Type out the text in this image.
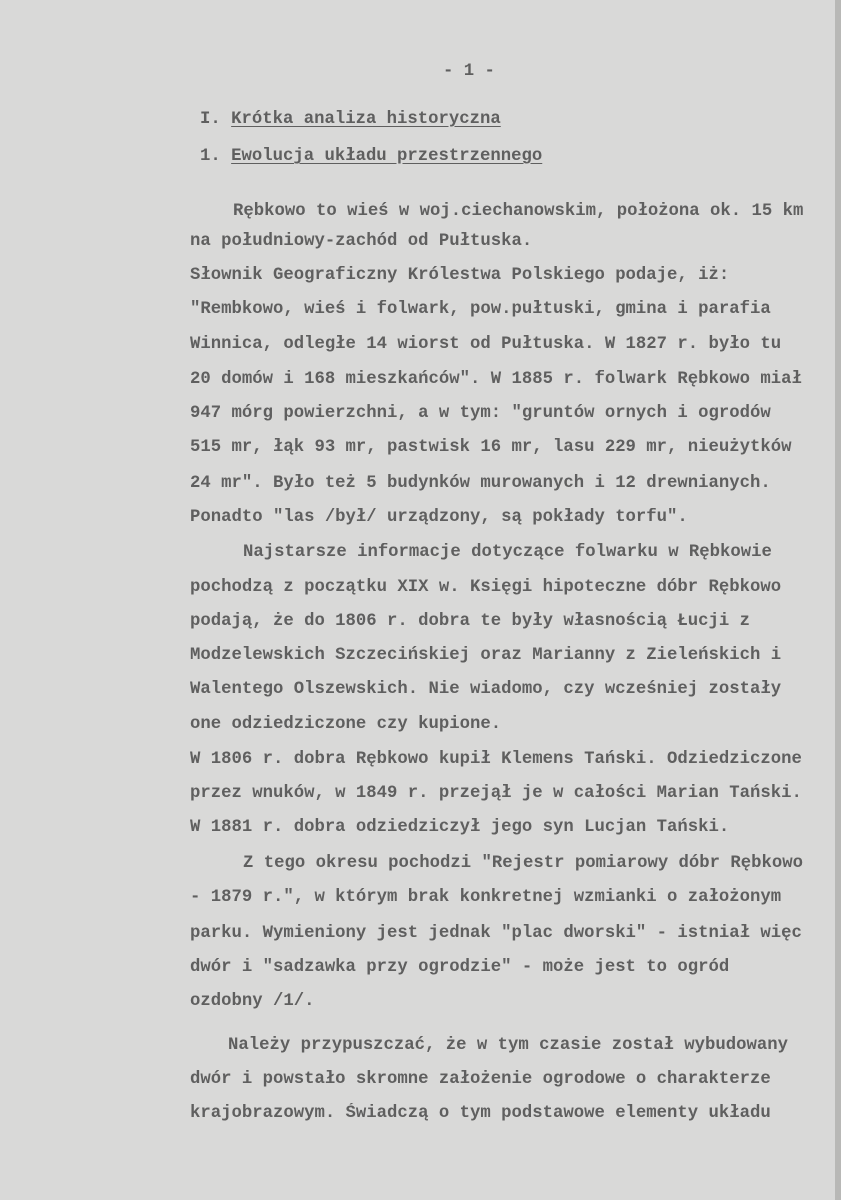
- 1 -
I. Krótka analiza historyczna
1. Ewolucja układu przestrzennego
Rębkowo to wieś w woj.ciechanowskim, położona ok. 15 km
na południowy-zachód od Pułtuska.
Słownik Geograficzny Królestwa Polskiego podaje, iż:
"Rembkowo, wieś i folwark, pow.pułtuski, gmina i parafia
Winnica, odległe 14 wiorst od Pułtuska. W 1827 r. było tu
20 domów i 168 mieszkańców". W 1885 r. folwark Rębkowo miał
947 mórg powierzchni, a w tym: "gruntów ornych i ogrodów
515 mr, łąk 93 mr, pastwisk 16 mr, lasu 229 mr, nieużytków
24 mr". Było też 5 budynków murowanych i 12 drewnianych.
Ponadto "las /był/ urządzony, są pokłady torfu".
Najstarsze informacje dotyczące folwarku w Rębkowie
pochodzą z początku XIX w. Księgi hipoteczne dóbr Rębkowo
podają, że do 1806 r. dobra te były własnością Łucji z
Modzelewskich Szczecińskiej oraz Marianny z Zieleńskich i
Walentego Olszewskich. Nie wiadomo, czy wcześniej zostały
one odziedziczone czy kupione.
W 1806 r. dobra Rębkowo kupił Klemens Tański. Odziedziczone
przez wnuków, w 1849 r. przejął je w całości Marian Tański.
W 1881 r. dobra odziedziczył jego syn Lucjan Tański.
Z tego okresu pochodzi "Rejestr pomiarowy dóbr Rębkowo
- 1879 r.", w którym brak konkretnej wzmianki o założonym
parku. Wymieniony jest jednak "plac dworski" - istniał więc
dwór i "sadzawka przy ogrodzie" - może jest to ogród
ozdobny /1/.
Należy przypuszczać, że w tym czasie został wybudowany
dwór i powstało skromne założenie ogrodowe o charakterze
krajobrazowym. Świadczą o tym podstawowe elementy układu
